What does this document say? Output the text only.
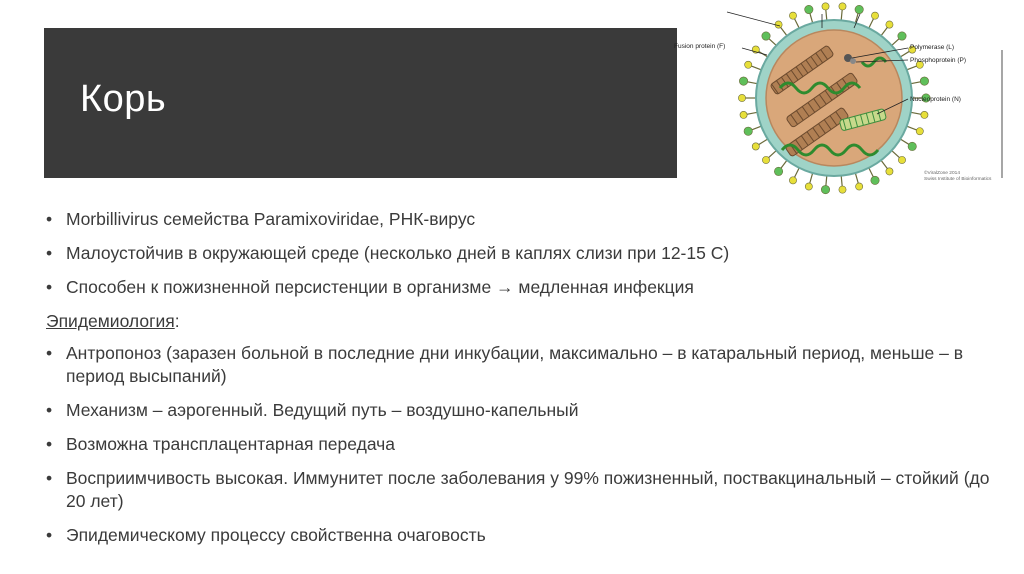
Корь
Fusion protein (F)	Polymerase (L)
Phosphoprotein (P)
Nucleoprotein (N)
©ViralZone 2014
Swiss Institute of Bioinformatics
• Morbillivirus семейства Paramixoviridae, РНК-вирус
• Малоустойчив в окружающей среде (несколько дней в каплях слизи при 12-15 С)
• Способен к пожизненной персистенции в организме → медленная инфекция
Эпидемиология:
• Антропоноз (заразен больной в последние дни инкубации, максимально – в катаральный период, меньше – в период высыпаний)
• Механизм – аэрогенный. Ведущий путь – воздушно-капельный
• Возможна трансплацентарная передача
• Восприимчивость высокая. Иммунитет после заболевания у 99% пожизненный, поствакцинальный – стойкий (до 20 лет)
• Эпидемическому процессу свойственна очаговость
